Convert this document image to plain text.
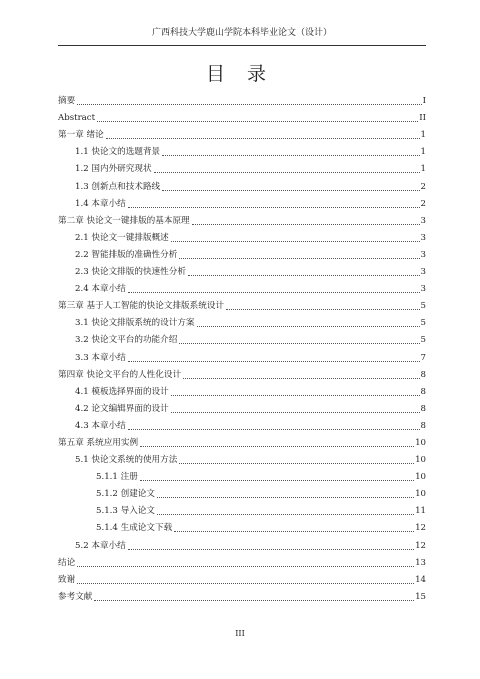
广西科技大学鹿山学院本科毕业论文（设计）
目 录
摘要	I
Abstract	II
第一章 绪论	1
1.1 快论文的选题背景	1
1.2 国内外研究现状	1
1.3 创新点和技术路线	2
1.4 本章小结	2
第二章 快论文一键排版的基本原理	3
2.1 快论文一键排版概述	3
2.2 智能排版的准确性分析	3
2.3 快论文排版的快速性分析	3
2.4 本章小结	3
第三章 基于人工智能的快论文排版系统设计	5
3.1 快论文排版系统的设计方案	5
3.2 快论文平台的功能介绍	5
3.3 本章小结	7
第四章 快论文平台的人性化设计	8
4.1 模板选择界面的设计	8
4.2 论文编辑界面的设计	8
4.3 本章小结	8
第五章 系统应用实例	10
5.1 快论文系统的使用方法	10
5.1.1 注册	10
5.1.2 创建论文	10
5.1.3 导入论文	11
5.1.4 生成论文下载	12
5.2 本章小结	12
结论	13
致谢	14
参考文献	15
III
